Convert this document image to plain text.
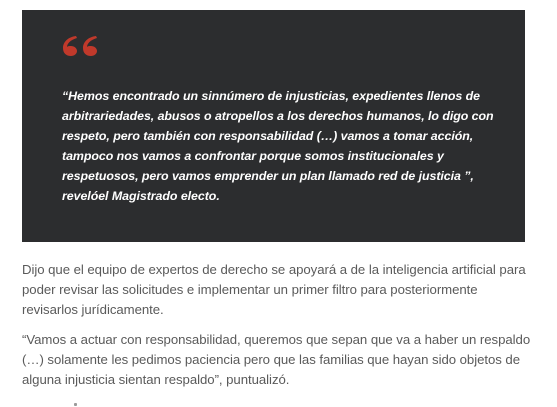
“Hemos encontrado un sinnúmero de injusticias, expedientes llenos de arbitrariedades, abusos o atropellos a los derechos humanos, lo digo con respeto, pero también con responsabilidad (…) vamos a tomar acción, tampoco nos vamos a confrontar porque somos institucionales y respetuosos, pero vamos emprender un plan llamado red de justicia ”, revelóel Magistrado electo.

Dijo que el equipo de expertos de derecho se apoyará a de la inteligencia artificial para poder revisar las solicitudes e implementar un primer filtro para posteriormente revisarlos jurídicamente.

“Vamos a actuar con responsabilidad, queremos que sepan que va a haber un respaldo (…) solamente les pedimos paciencia pero que las familias que hayan sido objetos de alguna injusticia sientan respaldo”, puntualizó.
